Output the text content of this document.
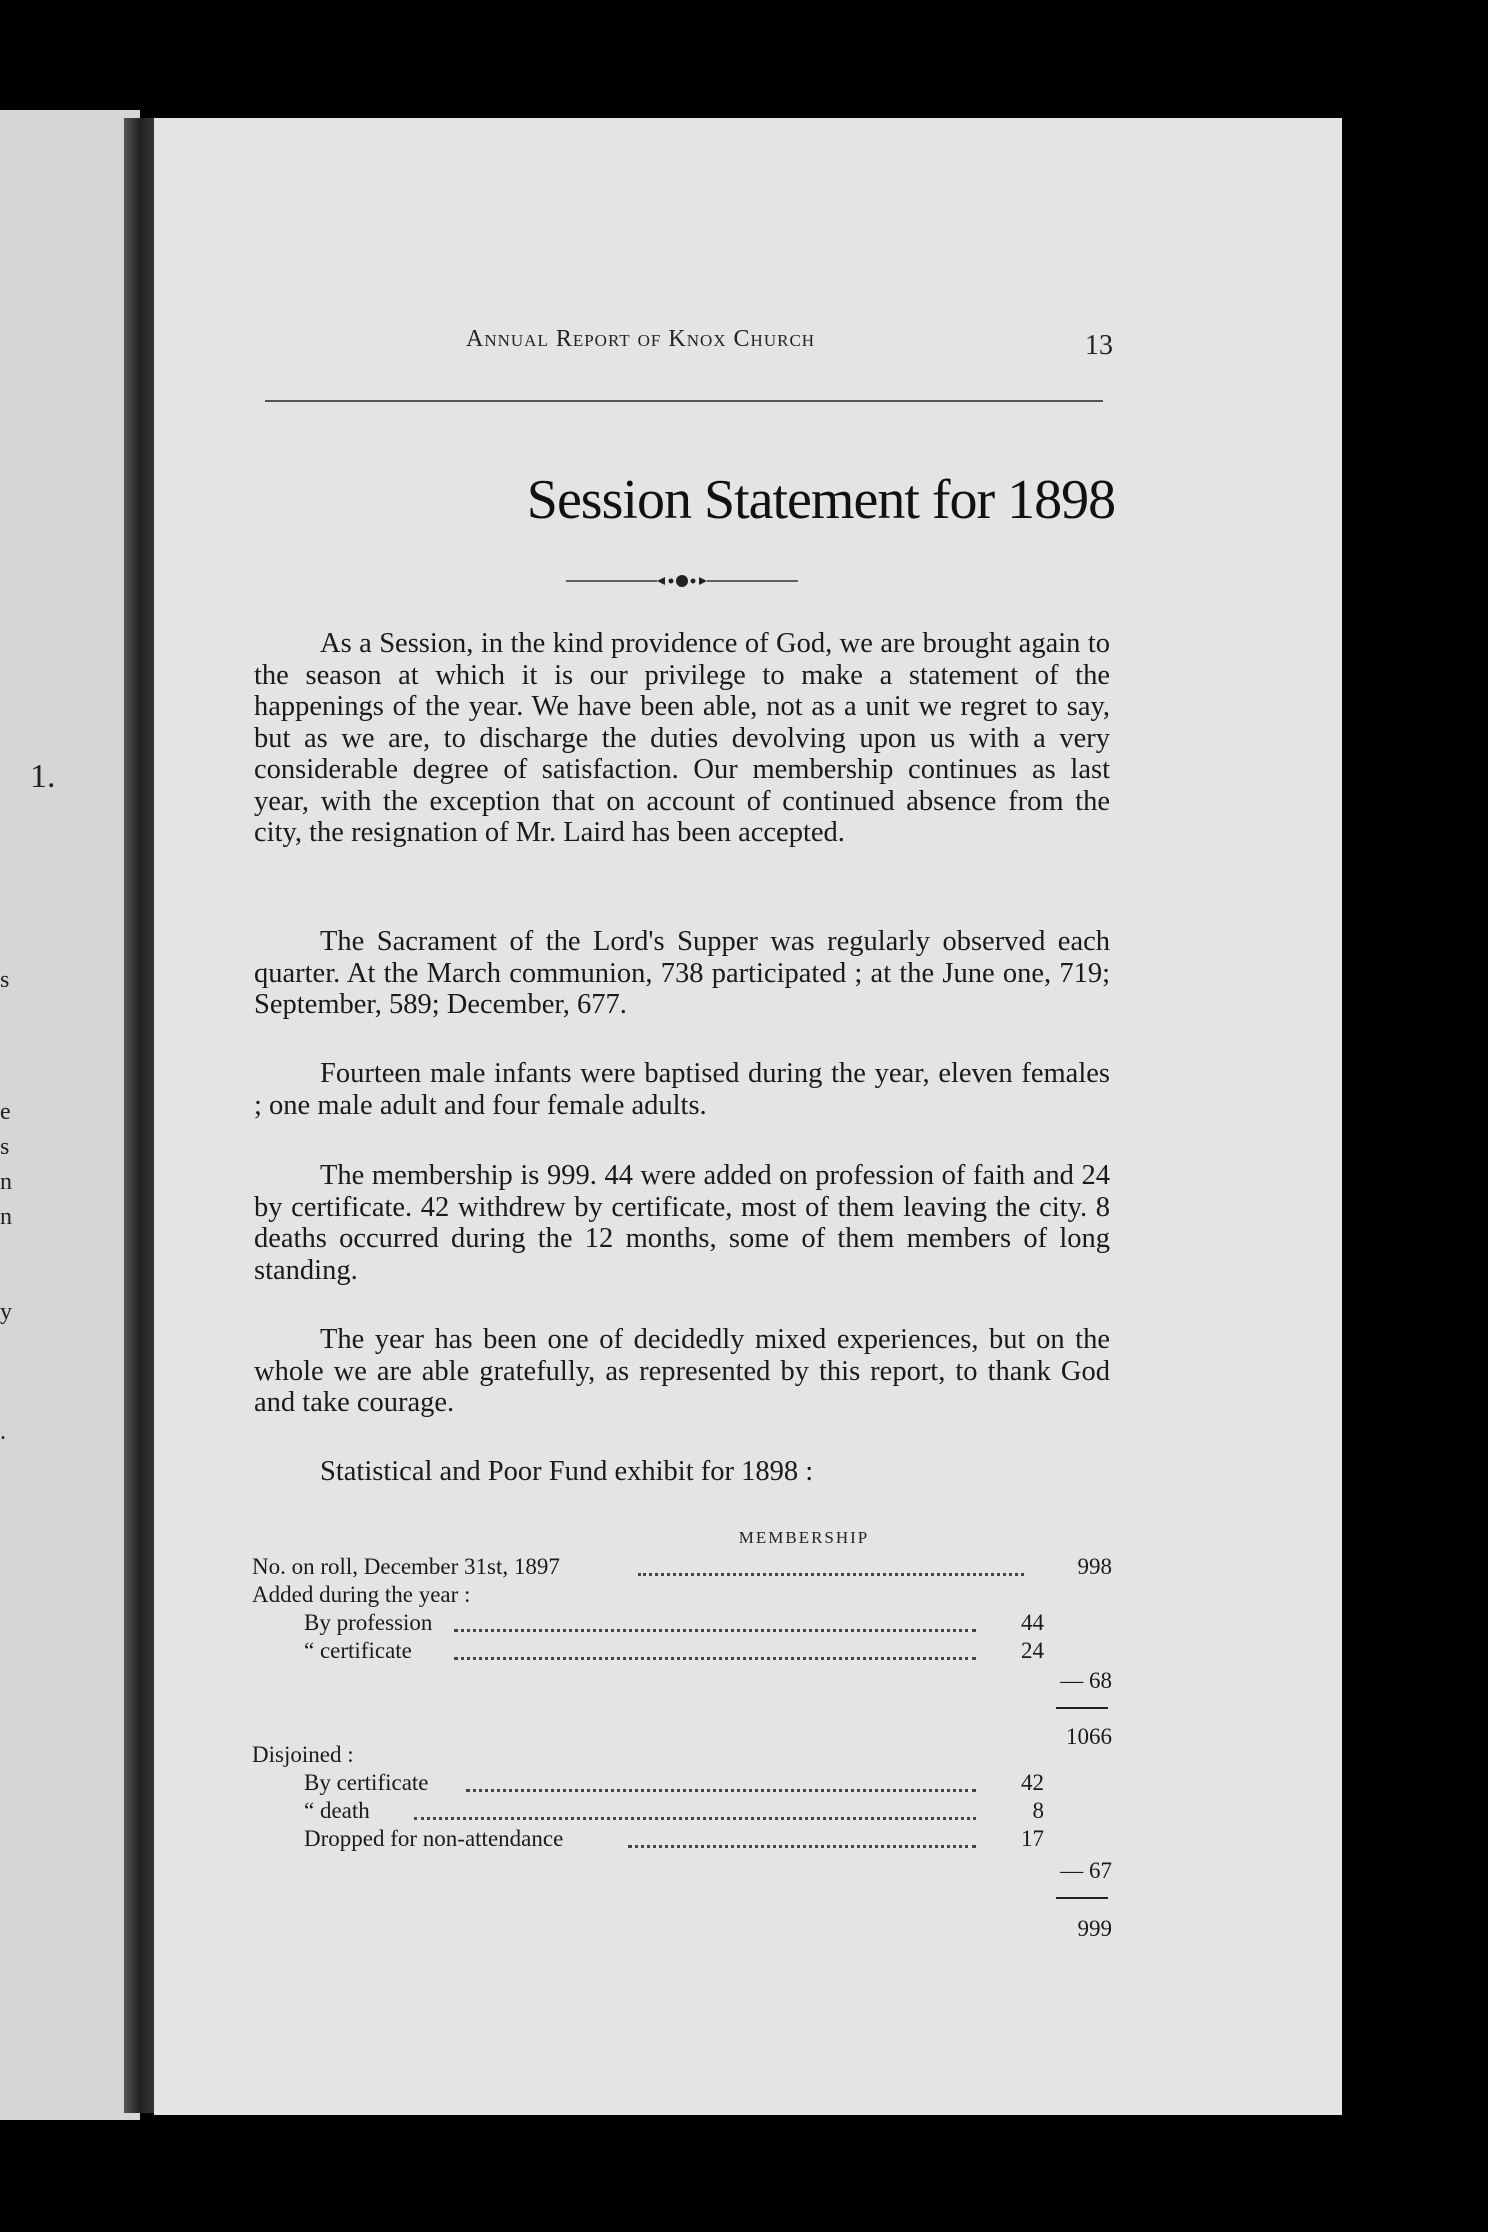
1.
s
e
s
n
n
y
.
Annual Report of Knox Church	13
Session Statement for 1898

As a Session, in the kind providence of God, we are brought again to the season at which it is our privilege to make a statement of the happenings of the year. We have been able, not as a unit we regret to say, but as we are, to discharge the duties devolving upon us with a very considerable degree of satisfaction. Our membership continues as last year, with the exception that on account of continued absence from the city, the resignation of Mr. Laird has been accepted.

The Sacrament of the Lord's Supper was regularly observed each quarter. At the March communion, 738 participated ; at the June one, 719; September, 589; December, 677.

Fourteen male infants were baptised during the year, eleven females ; one male adult and four female adults.

The membership is 999. 44 were added on profession of faith and 24 by certificate. 42 withdrew by certificate, most of them leaving the city. 8 deaths occurred during the 12 months, some of them members of long standing.

The year has been one of decidedly mixed experiences, but on the whole we are able gratefully, as represented by this report, to thank God and take courage.

Statistical and Poor Fund exhibit for 1898 :

MEMBERSHIP
No. on roll, December 31st, 1897	998
Added during the year :
By profession	44
“ certificate	24
— 68
1066
Disjoined :
By certificate	42
“ death	8
Dropped for non-attendance	17
— 67
999
